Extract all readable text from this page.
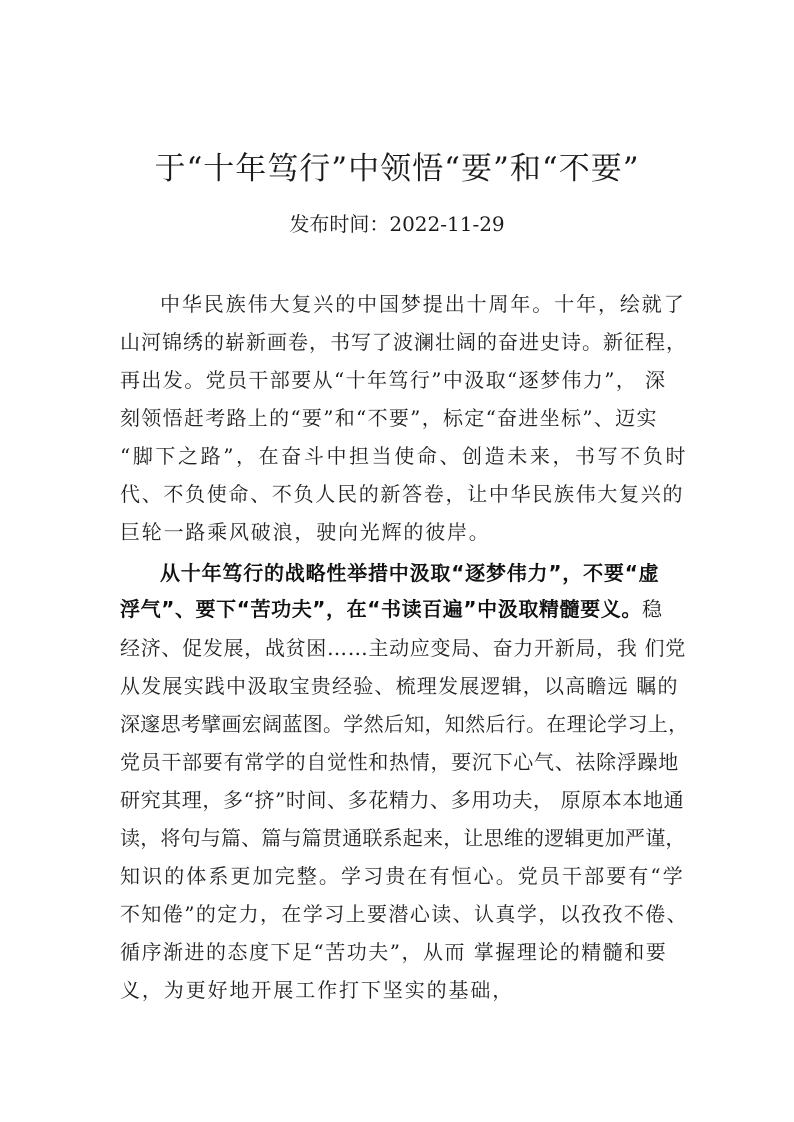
于“十年笃行”中领悟“要”和“不要”
发布时间：2022-11-29
中华民族伟大复兴的中国梦提出十周年。十年，绘就了
山河锦绣的崭新画卷，书写了波澜壮阔的奋进史诗。新征程，
再出发。党员干部要从“十年笃行”中汲取“逐梦伟力”， 深
刻领悟赶考路上的“要”和“不要”，标定“奋进坐标”、迈实
“脚下之路”，在奋斗中担当使命、创造未来，书写不负时
代、不负使命、不负人民的新答卷，让中华民族伟大复兴的
巨轮一路乘风破浪，驶向光辉的彼岸。
从十年笃行的战略性举措中汲取“逐梦伟力”，不要“虚
浮气”、要下“苦功夫”，在“书读百遍”中汲取精髓要义。稳
经济、促发展，战贫困……主动应变局、奋力开新局，我 们党
从发展实践中汲取宝贵经验、梳理发展逻辑，以高瞻远 瞩的
深邃思考擘画宏阔蓝图。学然后知，知然后行。在理论学习上，
党员干部要有常学的自觉性和热情，要沉下心气、祛除浮躁地
研究其理，多“挤”时间、多花精力、多用功夫， 原原本本地通
读，将句与篇、篇与篇贯通联系起来，让思维的逻辑更加严谨，
知识的体系更加完整。学习贵在有恒心。党员干部要有“学
不知倦”的定力，在学习上要潜心读、认真学，以孜孜不倦、
循序渐进的态度下足“苦功夫”，从而 掌握理论的精髓和要
义，为更好地开展工作打下坚实的基础，
